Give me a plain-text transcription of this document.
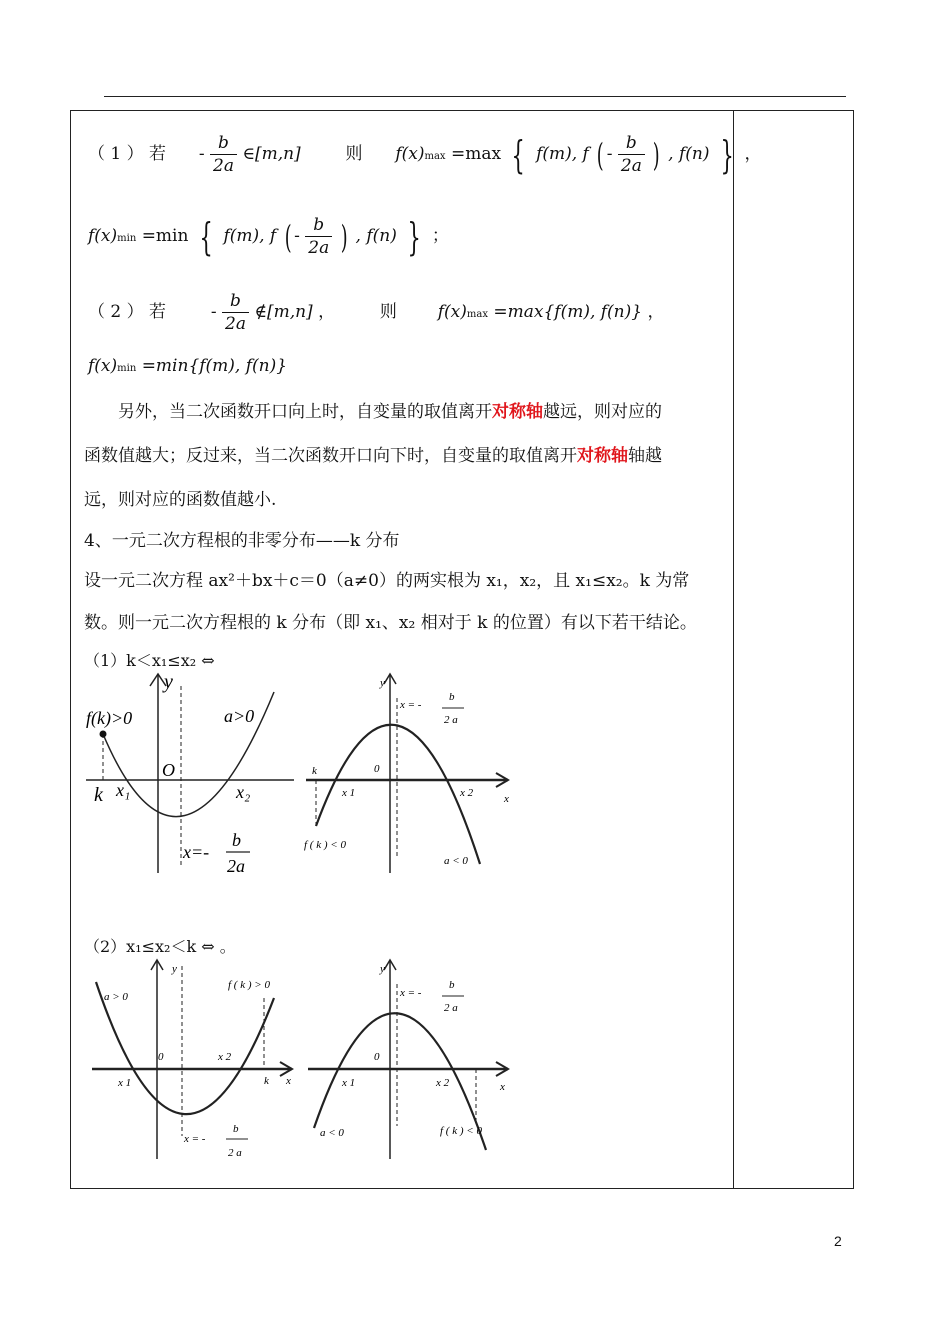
（ 1 ） 若 - $\frac{b}{2a}$ ∈[m,n]	则 f(x)max =max { f(m), f ( - $\frac{b}{2a}$ ) , f(n) } ，
f(x)min =min { f(m), f ( - $\frac{b}{2a}$ ) , f(n) } ；
（ 2 ） 若	- $\frac{b}{2a}$ ∉[m,n] ，	则 f(x)max =max{f(m), f(n)} ，
f(x)min =min{f(m), f(n)}
另外，当二次函数开口向上时，自变量的取值离开对称轴越远，则对应的
函数值越大；反过来，当二次函数开口向下时，自变量的取值离开对称轴轴越
远，则对应的函数值越小.
4、一元二次方程根的非零分布——k 分布
设一元二次方程 ax²＋bx＋c＝0（a≠0）的两实根为 x₁，x₂，且 x₁≤x₂。k 为常
数。则一元二次方程根的 k 分布（即 x₁、x₂ 相对于 k 的位置）有以下若干结论。
（1）k＜x₁≤x₂ ⇔
y
f(k)>0	a>0
O
k x₁	x₂
x=-
b
2a
y
x = -
b
2 a
k	0
x 1	x 2	x
f ( k ) < 0
a < 0
（2）x₁≤x₂＜k ⇔ 。
y
a > 0
f ( k ) > 0
0
x 1
x 2
k x
x = -
b
2 a
y
x = -
b
2 a
0
x 1	x 2	x
a < 0	f ( k ) < 0
2
